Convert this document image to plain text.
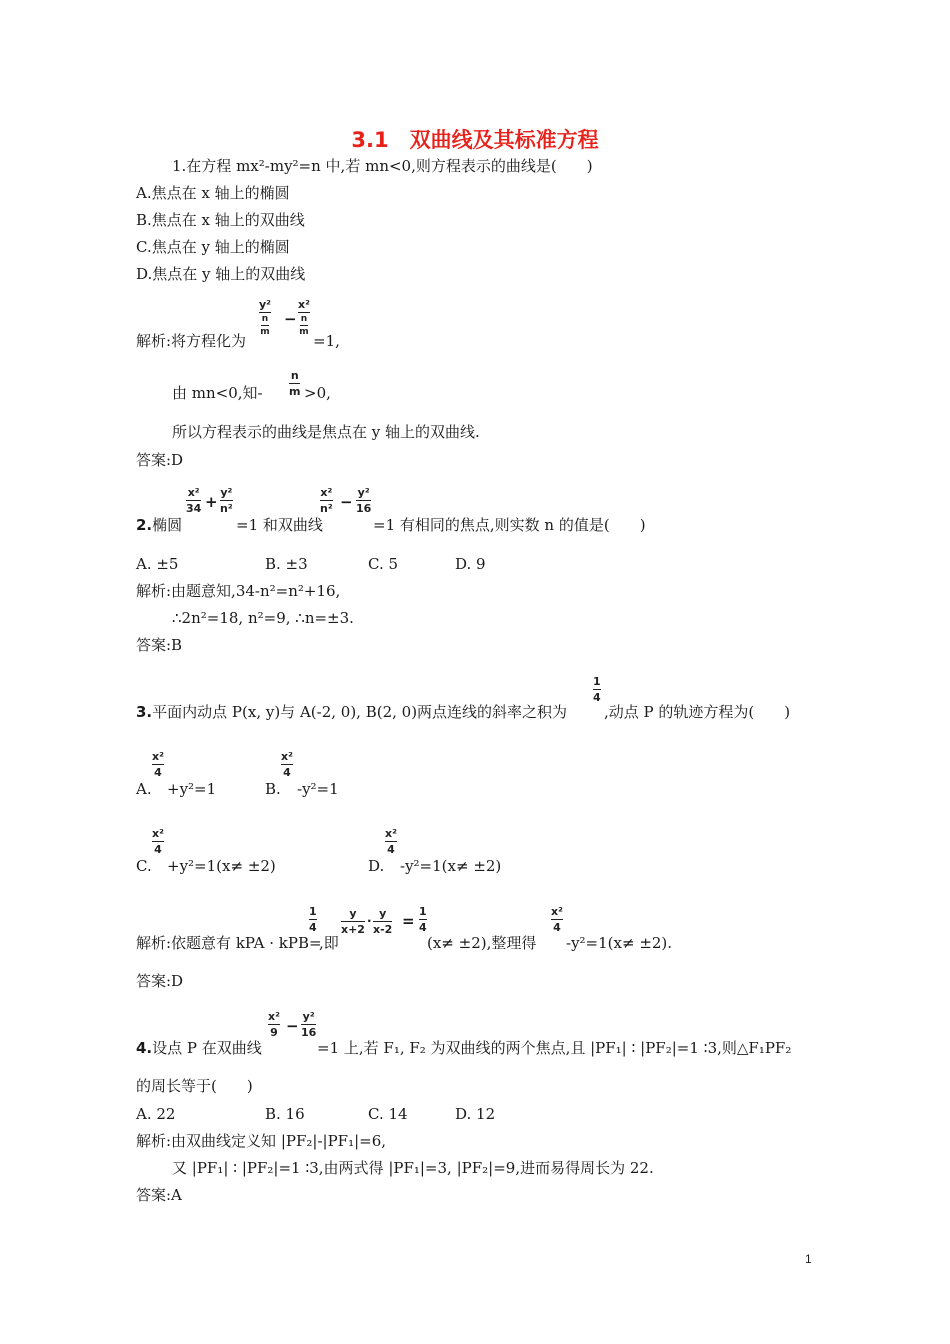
3.1　双曲线及其标准方程
1.在方程 mx²-my²=n 中,若 mn<0,则方程表示的曲线是(　　)
A.焦点在 x 轴上的椭圆
B.焦点在 x 轴上的双曲线
C.焦点在 y 轴上的椭圆
D.焦点在 y 轴上的双曲线
解析:将方程化为
y²
n
m
−
x²
n
m =1,
由 mn<0,知-
n
m >0,
所以方程表示的曲线是焦点在 y 轴上的双曲线.
答案:D
2.椭圆
x²
34 +
y²
n²
=1 和双曲线
x²
n² −
y²
16
=1 有相同的焦点,则实数 n 的值是(　　)
A. ±5	B. ±3	C. 5	D. 9
解析:由题意知,34-n²=n²+16,
∴2n²=18, n²=9, ∴n=±3.
答案:B
3.平面内动点 P(x, y)与 A(-2, 0), B(2, 0)两点连线的斜率之积为
1
4
,动点 P 的轨迹方程为(　　)
A.
x²
4
+y²=1	B.
x²
4
-y²=1
C.
x²
4
+y²=1(x≠ ±2)	D.
x²
4
-y²=1(x≠ ±2)
解析:依题意有 kPA · kPB=
1
4
,即
y
x+2
·
y
x-2 =
1
4
(x≠ ±2),整理得
x²
4
-y²=1(x≠ ±2).
答案:D
4.设点 P 在双曲线
x²
9 −
y²
16
=1 上,若 F₁, F₂ 为双曲线的两个焦点,且 |PF₁| ∶ |PF₂|=1 ∶3,则△F₁PF₂
的周长等于(　　)
A. 22	B. 16	C. 14	D. 12
解析:由双曲线定义知 |PF₂|-|PF₁|=6,
又 |PF₁| ∶ |PF₂|=1 ∶3,由两式得 |PF₁|=3, |PF₂|=9,进而易得周长为 22.
答案:A
1
